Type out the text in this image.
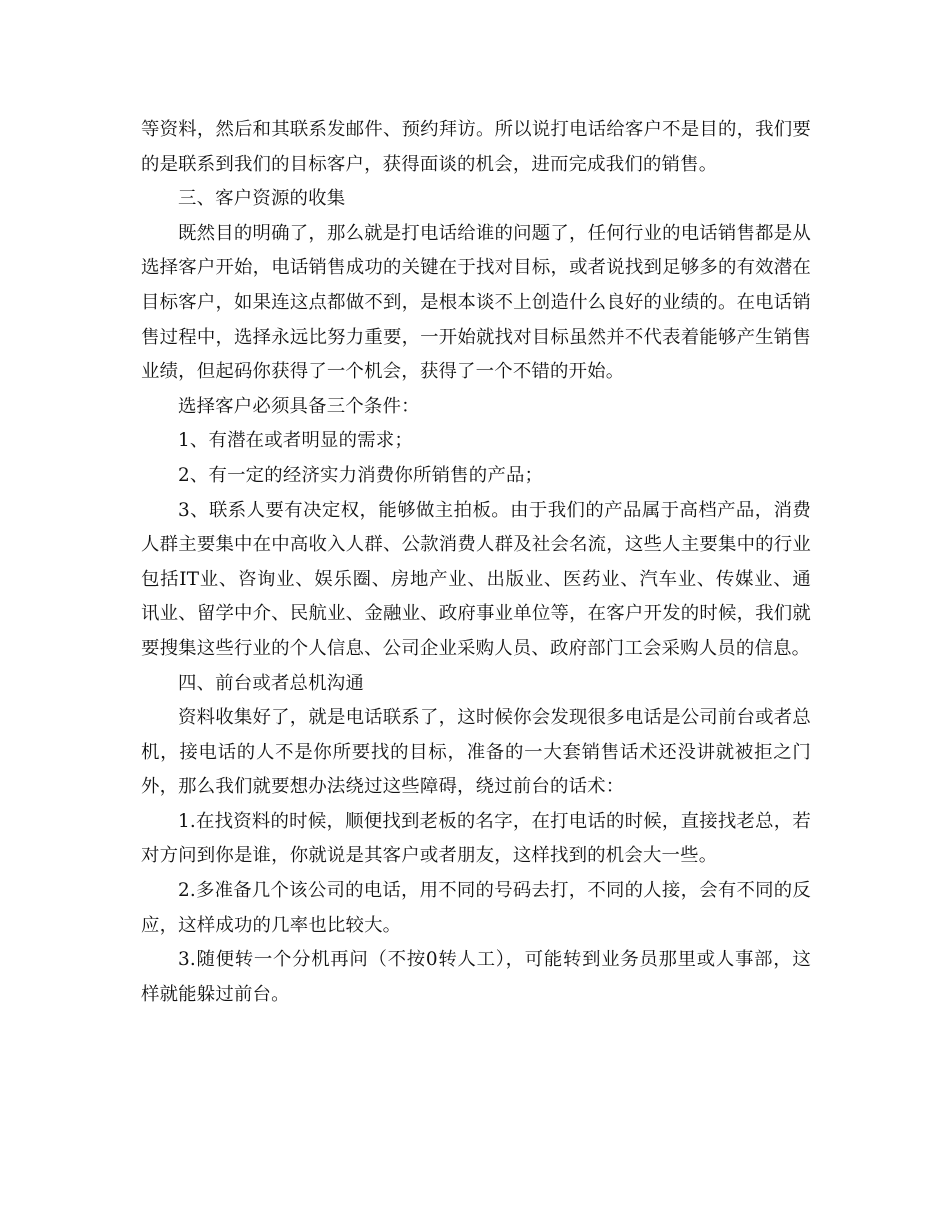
等资料，然后和其联系发邮件、预约拜访。所以说打电话给客户不是目的，我们要的是联系到我们的目标客户，获得面谈的机会，进而完成我们的销售。

三、客户资源的收集

既然目的明确了，那么就是打电话给谁的问题了，任何行业的电话销售都是从选择客户开始，电话销售成功的关键在于找对目标，或者说找到足够多的有效潜在目标客户，如果连这点都做不到，是根本谈不上创造什么良好的业绩的。在电话销售过程中，选择永远比努力重要，一开始就找对目标虽然并不代表着能够产生销售业绩，但起码你获得了一个机会，获得了一个不错的开始。

选择客户必须具备三个条件：

1、有潜在或者明显的需求；

2、有一定的经济实力消费你所销售的产品；

3、联系人要有决定权，能够做主拍板。由于我们的产品属于高档产品，消费人群主要集中在中高收入人群、公款消费人群及社会名流，这些人主要集中的行业包括IT业、咨询业、娱乐圈、房地产业、出版业、医药业、汽车业、传媒业、通讯业、留学中介、民航业、金融业、政府事业单位等，在客户开发的时候，我们就要搜集这些行业的个人信息、公司企业采购人员、政府部门工会采购人员的信息。

四、前台或者总机沟通

资料收集好了，就是电话联系了，这时候你会发现很多电话是公司前台或者总机，接电话的人不是你所要找的目标，准备的一大套销售话术还没讲就被拒之门外，那么我们就要想办法绕过这些障碍，绕过前台的话术：

1.在找资料的时候，顺便找到老板的名字，在打电话的时候，直接找老总，若对方问到你是谁，你就说是其客户或者朋友，这样找到的机会大一些。

2.多准备几个该公司的电话，用不同的号码去打，不同的人接，会有不同的反应，这样成功的几率也比较大。

3.随便转一个分机再问（不按0转人工），可能转到业务员那里或人事部，这样就能躲过前台。
